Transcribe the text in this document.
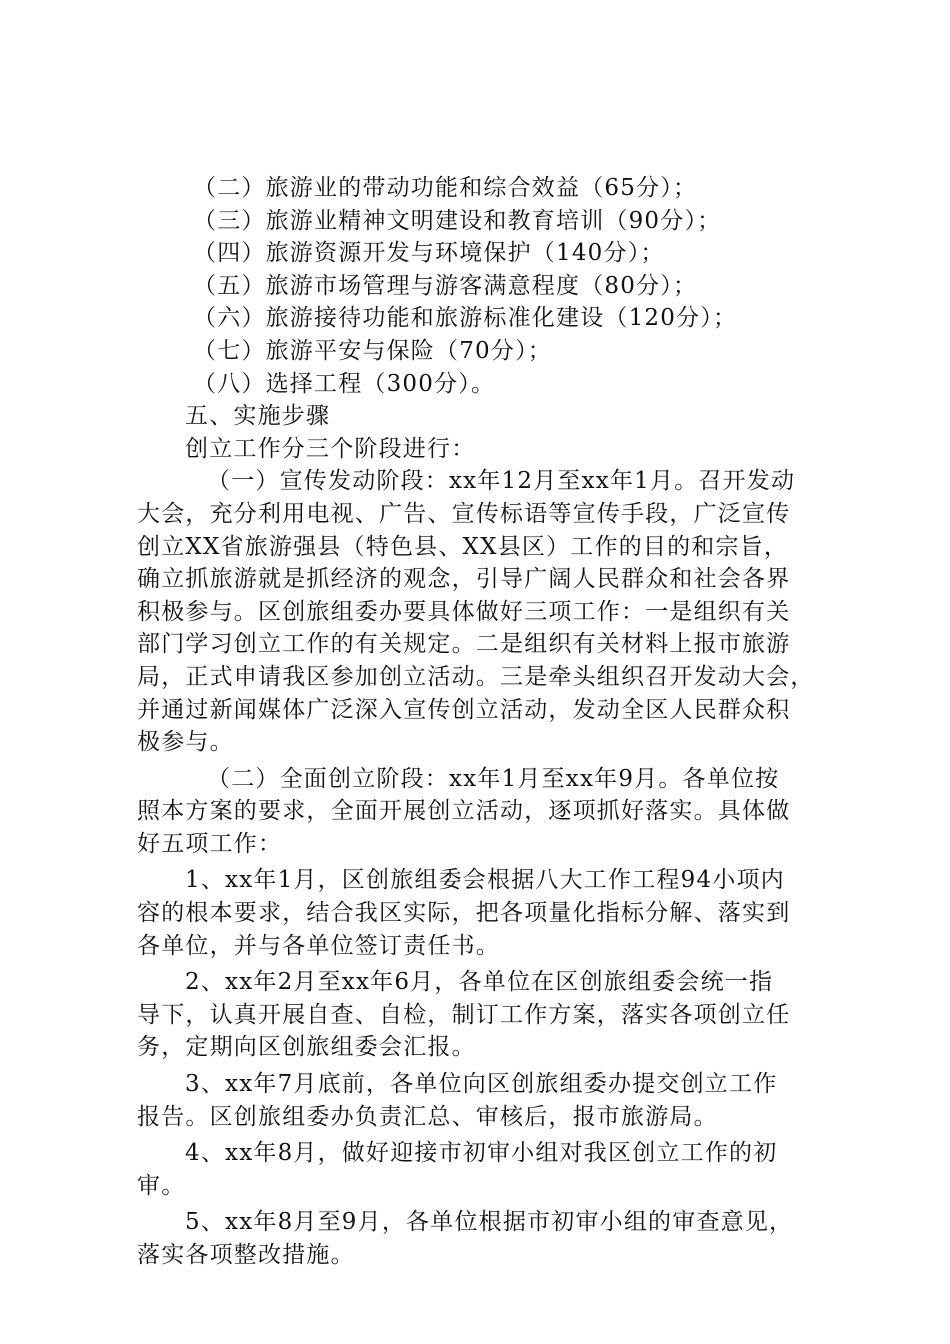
（二）旅游业的带动功能和综合效益（65分）；
（三）旅游业精神文明建设和教育培训（90分）；
（四）旅游资源开发与环境保护（140分）；
（五）旅游市场管理与游客满意程度（80分）；
（六）旅游接待功能和旅游标准化建设（120分）；
（七）旅游平安与保险（70分）；
（八）选择工程（300分）。
五、实施步骤
创立工作分三个阶段进行：
（一）宣传发动阶段：xx年12月至xx年1月。召开发动
大会，充分利用电视、广告、宣传标语等宣传手段，广泛宣传
创立XX省旅游强县（特色县、XX县区）工作的目的和宗旨，
确立抓旅游就是抓经济的观念，引导广阔人民群众和社会各界
积极参与。区创旅组委办要具体做好三项工作：一是组织有关
部门学习创立工作的有关规定。二是组织有关材料上报市旅游
局，正式申请我区参加创立活动。三是牵头组织召开发动大会，
并通过新闻媒体广泛深入宣传创立活动，发动全区人民群众积
极参与。
（二）全面创立阶段：xx年1月至xx年9月。各单位按
照本方案的要求，全面开展创立活动，逐项抓好落实。具体做
好五项工作：
1、xx年1月，区创旅组委会根据八大工作工程94小项内
容的根本要求，结合我区实际，把各项量化指标分解、落实到
各单位，并与各单位签订责任书。
2、xx年2月至xx年6月，各单位在区创旅组委会统一指
导下，认真开展自查、自检，制订工作方案，落实各项创立任
务，定期向区创旅组委会汇报。
3、xx年7月底前，各单位向区创旅组委办提交创立工作
报告。区创旅组委办负责汇总、审核后，报市旅游局。
4、xx年8月，做好迎接市初审小组对我区创立工作的初
审。
5、xx年8月至9月，各单位根据市初审小组的审查意见，
落实各项整改措施。
